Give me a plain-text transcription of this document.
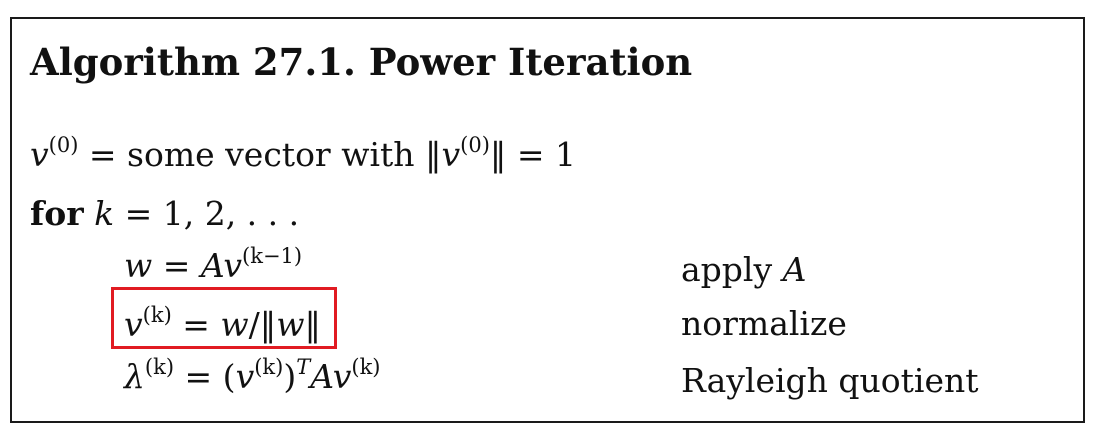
Algorithm 27.1. Power Iteration
$v^{(0)}$ = some vector with $‖v^{(0)}‖ = 1$
for k = 1, 2, . . .
$w = Av^{(k-1)}$
$v^{(k)}$ = w/‖w‖
$\lambda^{(k)} = (v^{(k)})^TAv^{(k)}$
apply A
normalize
Rayleigh quotient
